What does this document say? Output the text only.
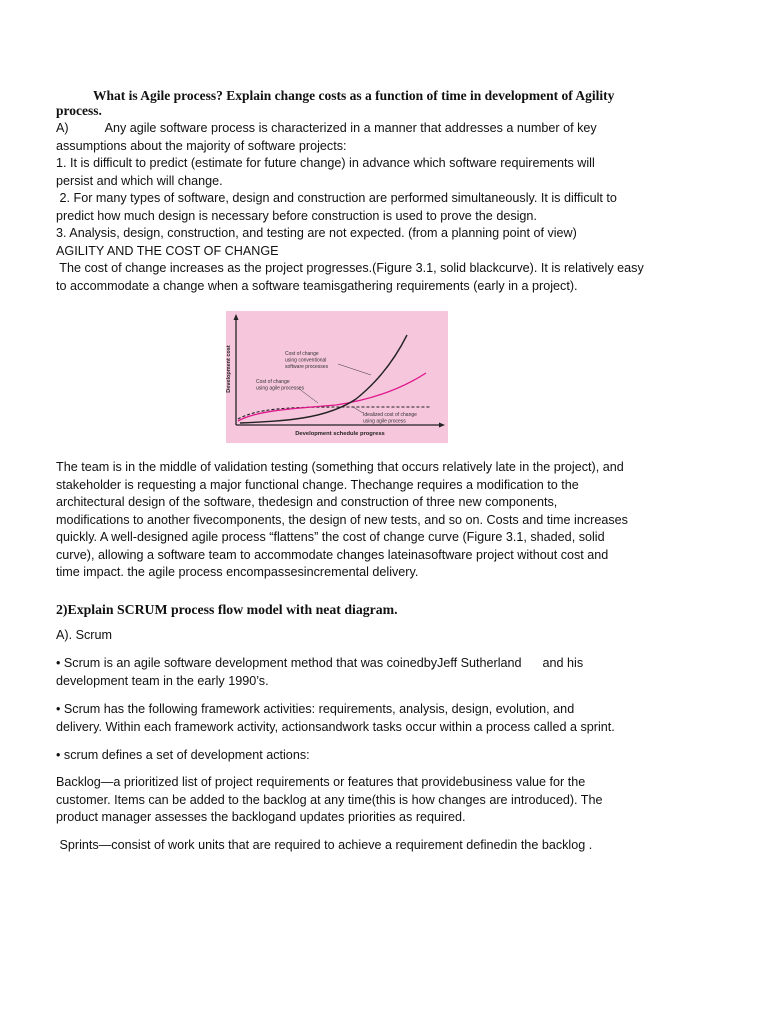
What is Agile process? Explain change costs as a function of time in development of Agility
process.
A)	Any agile software process is characterized in a manner that addresses a number of key
assumptions about the majority of software projects:
1. It is difficult to predict (estimate for future change) in advance which software requirements will
persist and which will change.
2. For many types of software, design and construction are performed simultaneously. It is difficult to
predict how much design is necessary before construction is used to prove the design.
3. Analysis, design, construction, and testing are not expected. (from a planning point of view)
AGILITY AND THE COST OF CHANGE
The cost of change increases as the project progresses.(Figure 3.1, solid blackcurve). It is relatively easy
to accommodate a change when a software teamisgathering requirements (early in a project).
Development cost
Development schedule progress
Cost of change using conventional software processes
Cost of change using agile processes
Idealized cost of change using agile process
The team is in the middle of validation testing (something that occurs relatively late in the project), and
stakeholder is requesting a major functional change. Thechange requires a modification to the
architectural design of the software, thedesign and construction of three new components,
modifications to another fivecomponents, the design of new tests, and so on. Costs and time increases
quickly. A well-designed agile process “flattens” the cost of change curve (Figure 3.1, shaded, solid
curve), allowing a software team to accommodate changes lateinasoftware project without cost and
time impact. the agile process encompassesincremental delivery.
2)Explain SCRUM process flow model with neat diagram.
A). Scrum
• Scrum is an agile software development method that was coinedbyJeff Sutherland      and his
development team in the early 1990’s.
• Scrum has the following framework activities: requirements, analysis, design, evolution, and
delivery. Within each framework activity, actionsandwork tasks occur within a process called a sprint.
• scrum defines a set of development actions:
Backlog—a prioritized list of project requirements or features that providebusiness value for the
customer. Items can be added to the backlog at any time(this is how changes are introduced). The
product manager assesses the backlogand updates priorities as required.
Sprints—consist of work units that are required to achieve a requirement definedin the backlog .
